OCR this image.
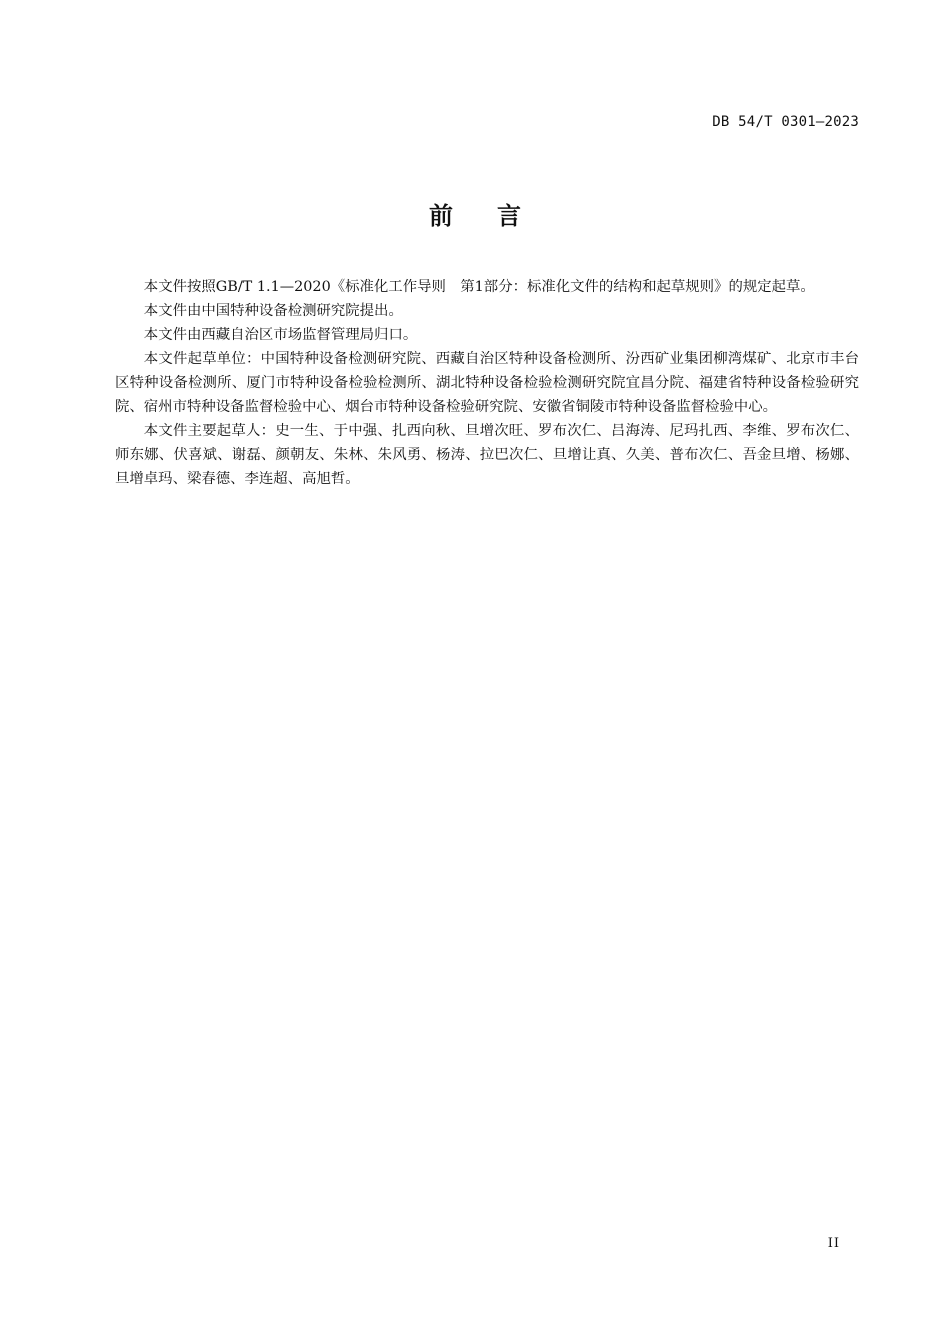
DB 54/T 0301—2023
前言

本文件按照GB/T 1.1—2020《标准化工作导则　第1部分：标准化文件的结构和起草规则》的规定起草。

本文件由中国特种设备检测研究院提出。

本文件由西藏自治区市场监督管理局归口。

本文件起草单位：中国特种设备检测研究院、西藏自治区特种设备检测所、汾西矿业集团柳湾煤矿、北京市丰台区特种设备检测所、厦门市特种设备检验检测所、湖北特种设备检验检测研究院宜昌分院、福建省特种设备检验研究院、宿州市特种设备监督检验中心、烟台市特种设备检验研究院、安徽省铜陵市特种设备监督检验中心。

本文件主要起草人：史一生、于中强、扎西向秋、旦增次旺、罗布次仁、吕海涛、尼玛扎西、李维、罗布次仁、师东娜、伏喜斌、谢磊、颜朝友、朱林、朱风勇、杨涛、拉巴次仁、旦增让真、久美、普布次仁、吾金旦增、杨娜、旦增卓玛、梁春德、李连超、高旭哲。

II
